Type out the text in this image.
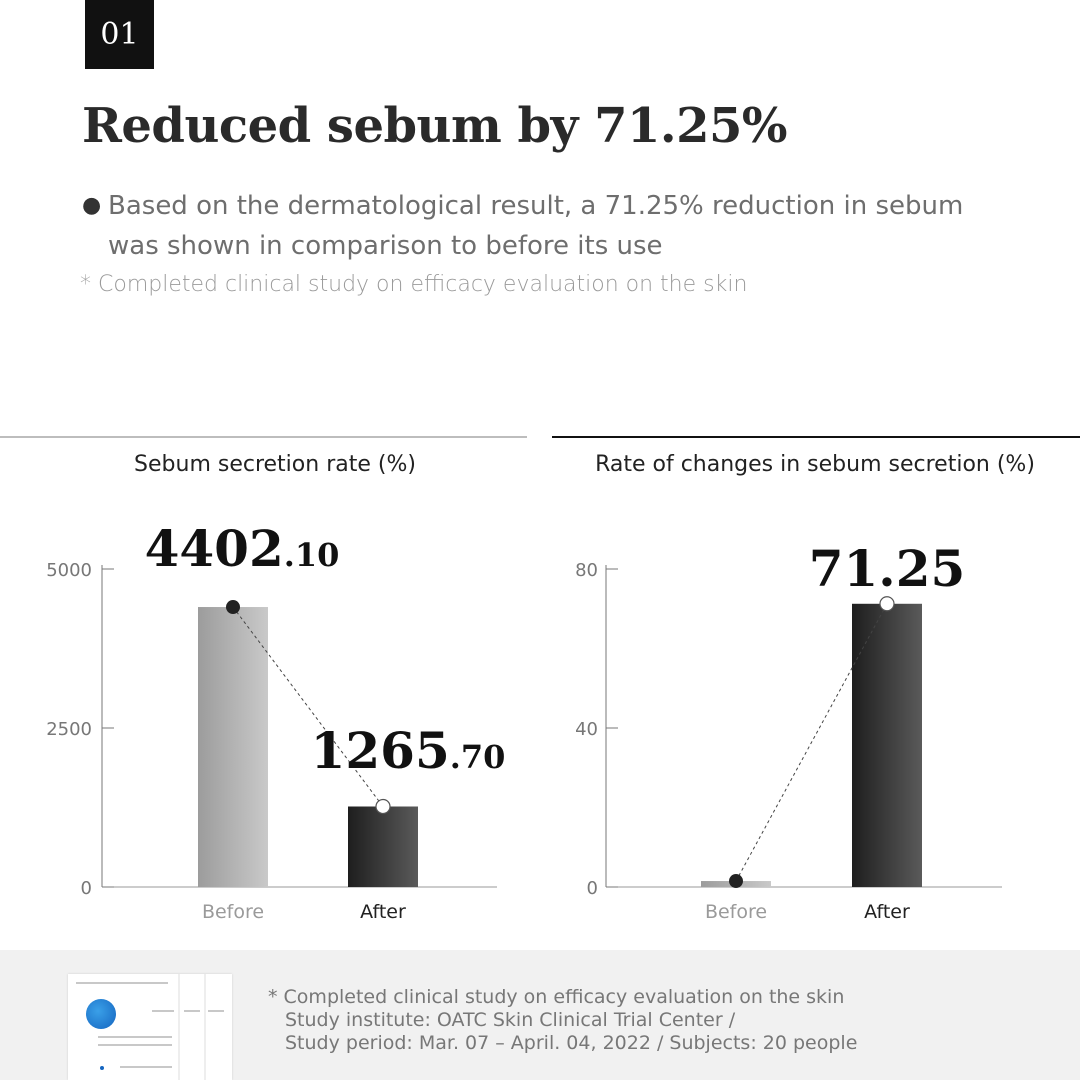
01
Reduced sebum by 71.25%
● Based on the dermatological result, a 71.25% reduction in sebum was shown in comparison to before its use
* Completed clinical study on efficacy evaluation on the skin
Sebum secretion rate (%)	Rate of changes in sebum secretion (%)
5000
2500
0
Before	After
4402.10
1265.70
80
40
0
Before	After
71.25
* Completed clinical study on efficacy evaluation on the skin
Study institute: OATC Skin Clinical Trial Center /
Study period: Mar. 07 – April. 04, 2022 / Subjects: 20 people
